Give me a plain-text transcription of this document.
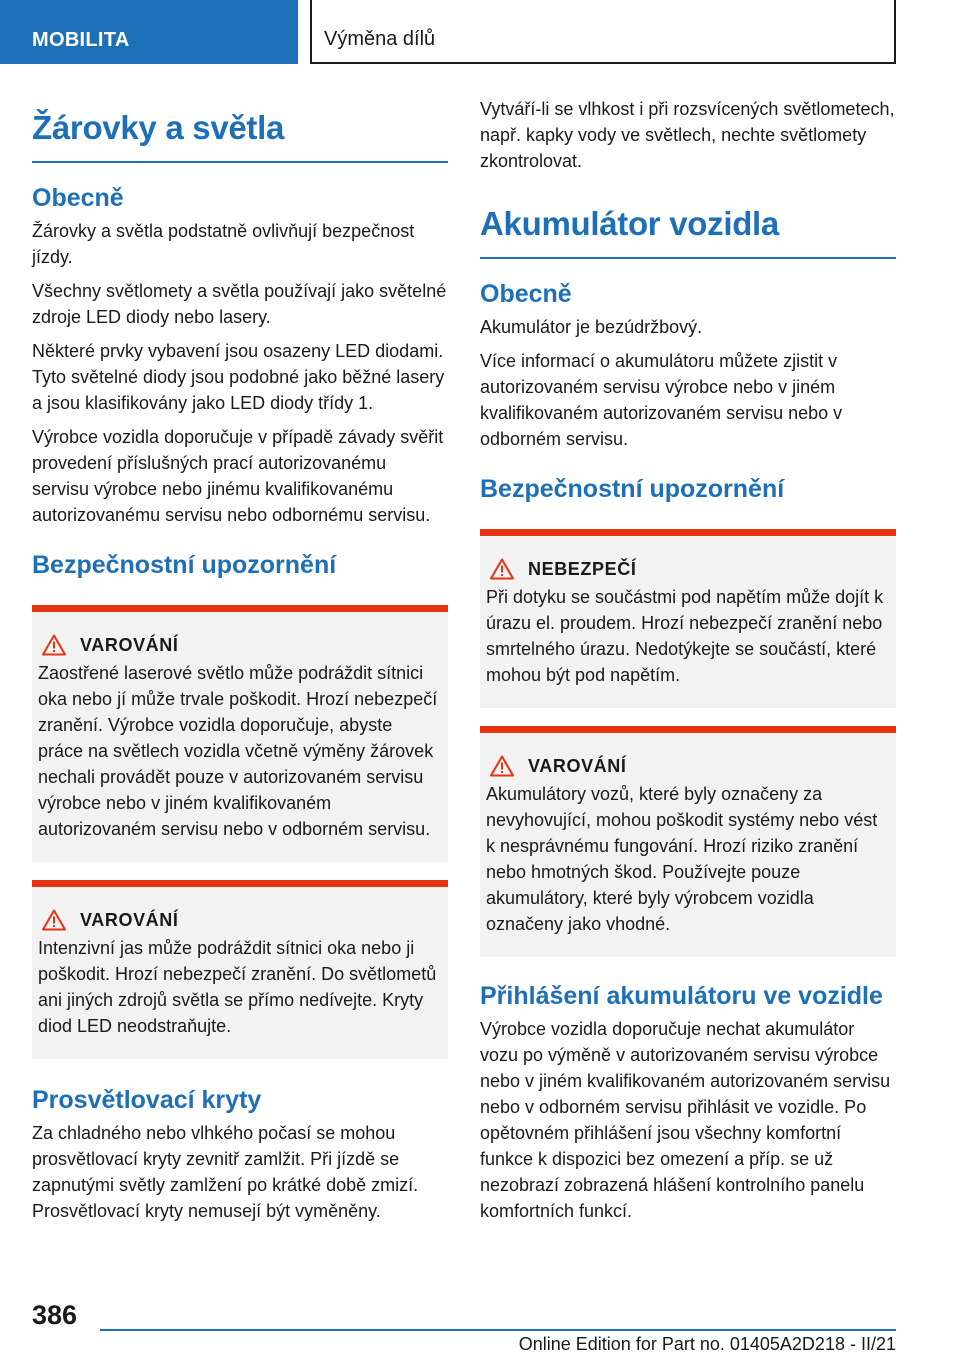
MOBILITA	Výměna dílů
Žárovky a světla
Obecně
Žárovky a světla podstatně ovlivňují bezpečnost jízdy.
Všechny světlomety a světla používají jako světelné zdroje LED diody nebo lasery.
Některé prvky vybavení jsou osazeny LED diodami. Tyto světelné diody jsou podobné jako běžné lasery a jsou klasifikovány jako LED diody třídy 1.
Výrobce vozidla doporučuje v případě závady svěřit provedení příslušných prací autorizovanému servisu výrobce nebo jinému kvalifikovanému autorizovanému servisu nebo odbornému servisu.
Bezpečnostní upozornění
VAROVÁNÍ
Zaostřené laserové světlo může podráždit sítnici oka nebo jí může trvale poškodit. Hrozí nebezpečí zranění. Výrobce vozidla doporučuje, abyste práce na světlech vozidla včetně výměny žárovek nechali provádět pouze v autorizovaném servisu výrobce nebo v jiném kvalifikovaném autorizovaném servisu nebo v odborném servisu.
VAROVÁNÍ
Intenzivní jas může podráždit sítnici oka nebo ji poškodit. Hrozí nebezpečí zranění. Do světlometů ani jiných zdrojů světla se přímo nedívejte. Kryty diod LED neodstraňujte.
Prosvětlovací kryty
Za chladného nebo vlhkého počasí se mohou prosvětlovací kryty zevnitř zamlžit. Při jízdě se zapnutými světly zamlžení po krátké době zmizí. Prosvětlovací kryty nemusejí být vyměněny.
Vytváří-li se vlhkost i při rozsvícených světlometech, např. kapky vody ve světlech, nechte světlomety zkontrolovat.
Akumulátor vozidla
Obecně
Akumulátor je bezúdržbový.
Více informací o akumulátoru můžete zjistit v autorizovaném servisu výrobce nebo v jiném kvalifikovaném autorizovaném servisu nebo v odborném servisu.
Bezpečnostní upozornění
NEBEZPEČÍ
Při dotyku se součástmi pod napětím může dojít k úrazu el. proudem. Hrozí nebezpečí zranění nebo smrtelného úrazu. Nedotýkejte se součástí, které mohou být pod napětím.
VAROVÁNÍ
Akumulátory vozů, které byly označeny za nevyhovující, mohou poškodit systémy nebo vést k nesprávnému fungování. Hrozí riziko zranění nebo hmotných škod. Používejte pouze akumulátory, které byly výrobcem vozidla označeny jako vhodné.
Přihlášení akumulátoru ve vozidle
Výrobce vozidla doporučuje nechat akumulátor vozu po výměně v autorizovaném servisu výrobce nebo v jiném kvalifikovaném autorizovaném servisu nebo v odborném servisu přihlásit ve vozidle. Po opětovném přihlášení jsou všechny komfortní funkce k dispozici bez omezení a příp. se už nezobrazí zobrazená hlášení kontrolního panelu komfortních funkcí.
386
Online Edition for Part no. 01405A2D218 - II/21
